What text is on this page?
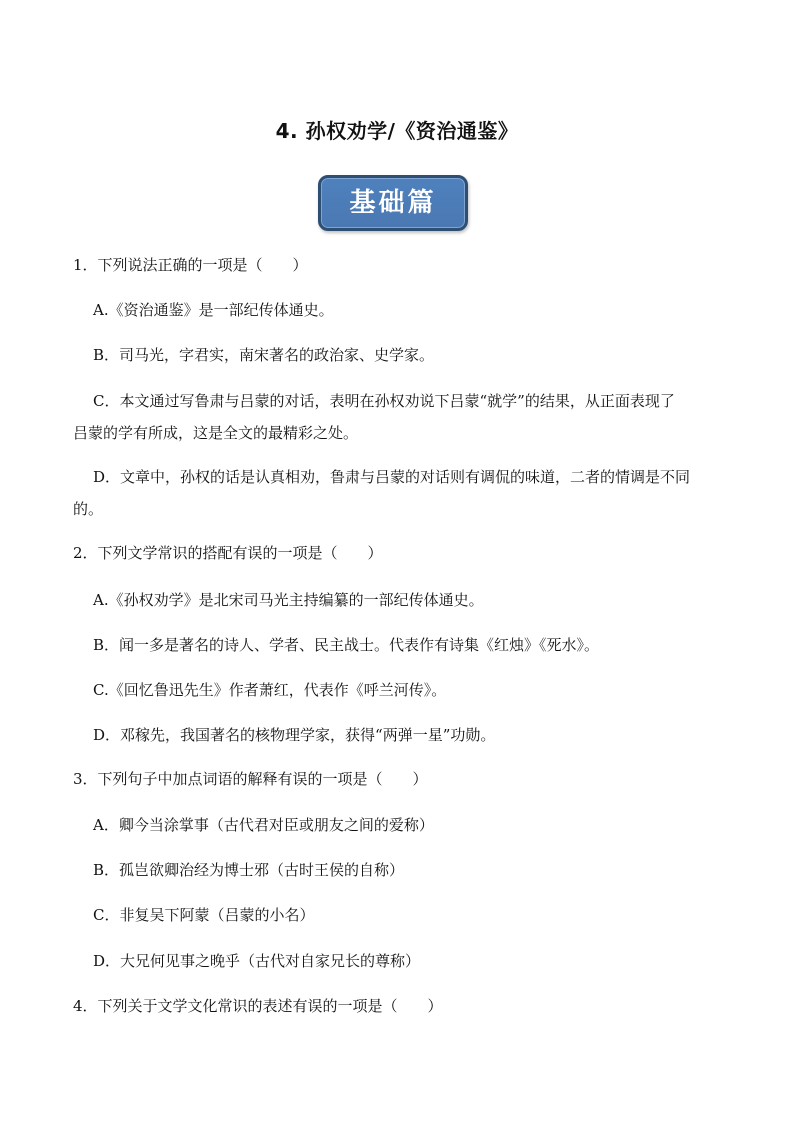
4. 孙权劝学/《资治通鉴》
基础篇
1．下列说法正确的一项是（　　）
A.《资治通鉴》是一部纪传体通史。
B．司马光，字君实，南宋著名的政治家、史学家。
C．本文通过写鲁肃与吕蒙的对话，表明在孙权劝说下吕蒙“就学”的结果，从正面表现了
吕蒙的学有所成，这是全文的最精彩之处。
D．文章中，孙权的话是认真相劝，鲁肃与吕蒙的对话则有调侃的味道，二者的情调是不同
的。
2．下列文学常识的搭配有误的一项是（　　）
A.《孙权劝学》是北宋司马光主持编纂的一部纪传体通史。
B．闻一多是著名的诗人、学者、民主战士。代表作有诗集《红烛》《死水》。
C.《回忆鲁迅先生》作者萧红，代表作《呼兰河传》。
D．邓稼先，我国著名的核物理学家，获得“两弹一星”功勋。
3．下列句子中加点词语的解释有误的一项是（　　）
A．卿今当涂掌事（古代君对臣或朋友之间的爱称）
B．孤岂欲卿治经为博士邪（古时王侯的自称）
C．非复吴下阿蒙（吕蒙的小名）
D．大兄何见事之晚乎（古代对自家兄长的尊称）
4．下列关于文学文化常识的表述有误的一项是（　　）
